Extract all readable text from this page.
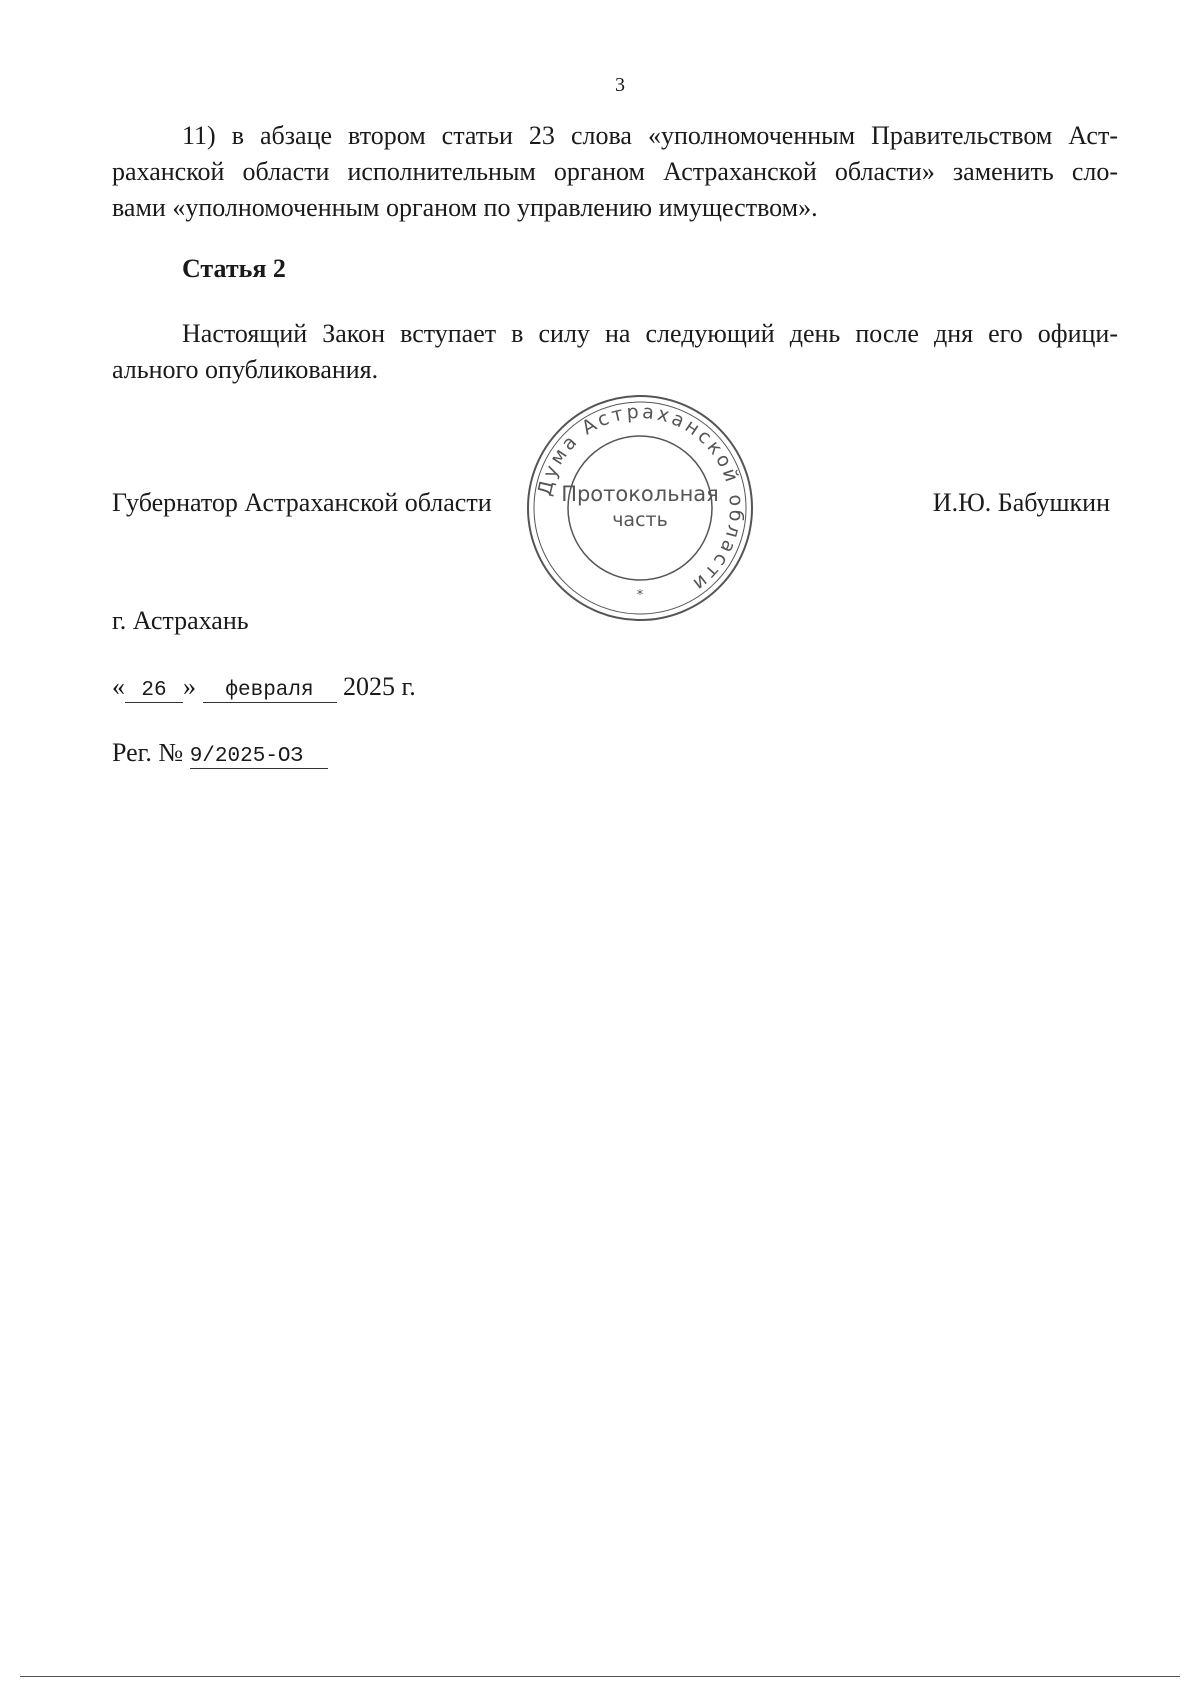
3
11) в абзаце втором статьи 23 слова «уполномоченным Правительством Аст-
раханской области исполнительным органом Астраханской области» заменить сло-
вами «уполномоченным органом по управлению имуществом».
Статья 2
Настоящий Закон вступает в силу на следующий день после дня его офици-
ального опубликования.
Губернатор Астраханской области	И.Ю. Бабушкин
Дума Астраханской области
Протокольная
часть
*
г. Астрахань
« 26 » февраля 2025 г.
Рег. № 9/2025-ОЗ
